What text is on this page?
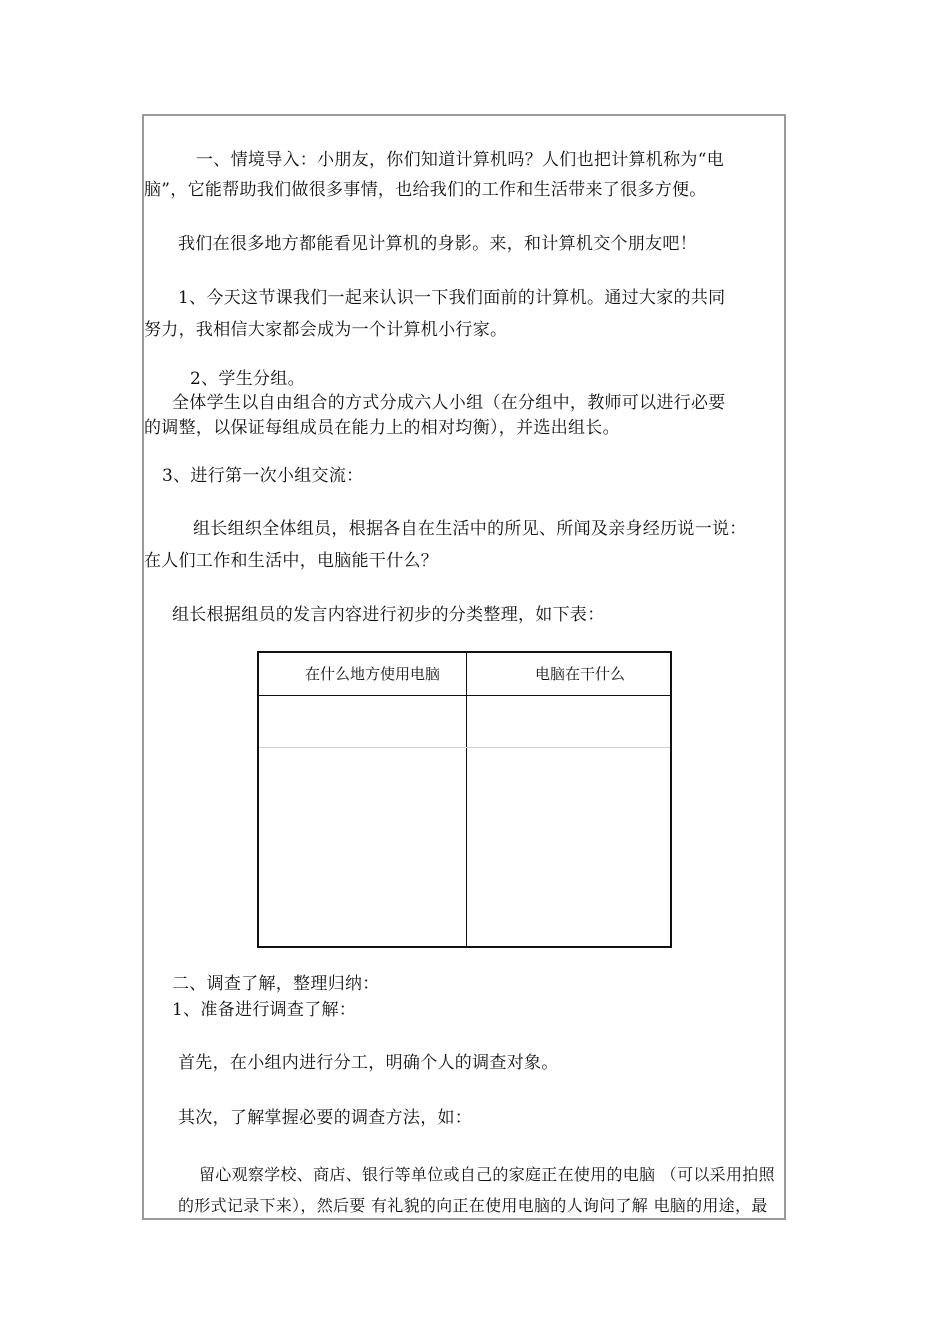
一、情境导入：小朋友，你们知道计算机吗？人们也把计算机称为“电
脑”，它能帮助我们做很多事情，也给我们的工作和生活带来了很多方便。
我们在很多地方都能看见计算机的身影。来，和计算机交个朋友吧！
1、今天这节课我们一起来认识一下我们面前的计算机。通过大家的共同
努力，我相信大家都会成为一个计算机小行家。
2、学生分组。
全体学生以自由组合的方式分成六人小组（在分组中，教师可以进行必要
的调整，以保证每组成员在能力上的相对均衡），并选出组长。
3、进行第一次小组交流：
组长组织全体组员，根据各自在生活中的所见、所闻及亲身经历说一说：
在人们工作和生活中，电脑能干什么？
组长根据组员的发言内容进行初步的分类整理，如下表：
在什么地方使用电脑	电脑在干什么
二、调查了解，整理归纳：
1、准备进行调查了解：
首先，在小组内进行分工，明确个人的调查对象。
其次，了解掌握必要的调查方法，如：
留心观察学校、商店、银行等单位或自己的家庭正在使用的电脑 （可以采用拍照
的形式记录下来），然后要 有礼貌的向正在使用电脑的人询问了解 电脑的用途，最
